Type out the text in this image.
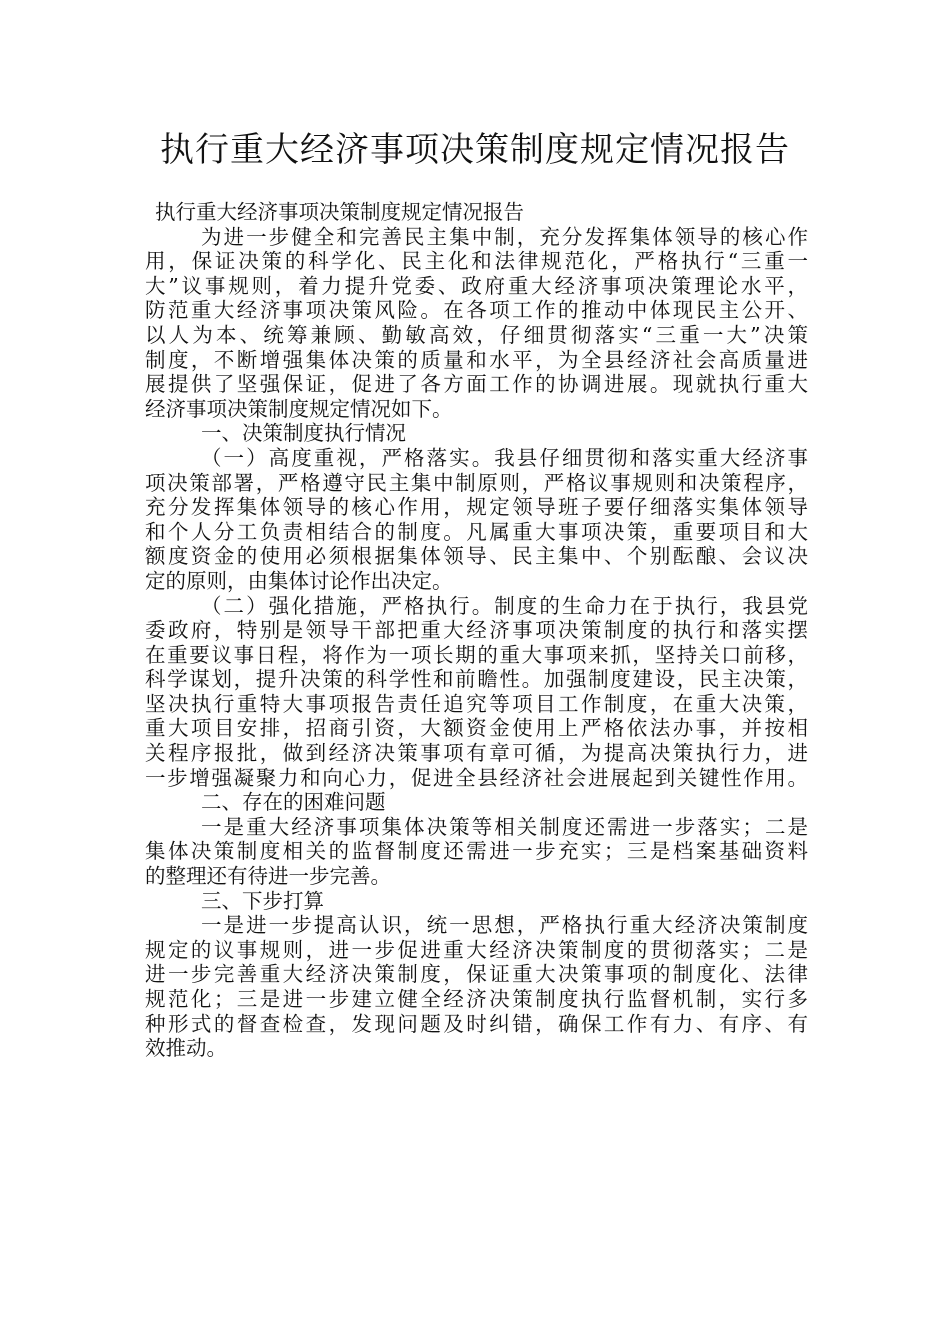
执行重大经济事项决策制度规定情况报告
执行重大经济事项决策制度规定情况报告
为进一步健全和完善民主集中制，充分发挥集体领导的核心作
用，保证决策的科学化、民主化和法律规范化，严格执行“三重一
大”议事规则，着力提升党委、政府重大经济事项决策理论水平，
防范重大经济事项决策风险。在各项工作的推动中体现民主公开、
以人为本、统筹兼顾、勤敏高效，仔细贯彻落实“三重一大”决策
制度，不断增强集体决策的质量和水平，为全县经济社会高质量进
展提供了坚强保证，促进了各方面工作的协调进展。现就执行重大
经济事项决策制度规定情况如下。
一、决策制度执行情况
（一）高度重视，严格落实。我县仔细贯彻和落实重大经济事
项决策部署，严格遵守民主集中制原则，严格议事规则和决策程序，
充分发挥集体领导的核心作用，规定领导班子要仔细落实集体领导
和个人分工负责相结合的制度。凡属重大事项决策，重要项目和大
额度资金的使用必须根据集体领导、民主集中、个别酝酿、会议决
定的原则，由集体讨论作出决定。
（二）强化措施，严格执行。制度的生命力在于执行，我县党
委政府，特别是领导干部把重大经济事项决策制度的执行和落实摆
在重要议事日程，将作为一项长期的重大事项来抓，坚持关口前移，
科学谋划，提升决策的科学性和前瞻性。加强制度建设，民主决策，
坚决执行重特大事项报告责任追究等项目工作制度，在重大决策，
重大项目安排，招商引资，大额资金使用上严格依法办事，并按相
关程序报批，做到经济决策事项有章可循，为提高决策执行力，进
一步增强凝聚力和向心力，促进全县经济社会进展起到关键性作用。
二、存在的困难问题
一是重大经济事项集体决策等相关制度还需进一步落实；二是
集体决策制度相关的监督制度还需进一步充实；三是档案基础资料
的整理还有待进一步完善。
三、下步打算
一是进一步提高认识，统一思想，严格执行重大经济决策制度
规定的议事规则，进一步促进重大经济决策制度的贯彻落实；二是
进一步完善重大经济决策制度，保证重大决策事项的制度化、法律
规范化；三是进一步建立健全经济决策制度执行监督机制，实行多
种形式的督查检查，发现问题及时纠错，确保工作有力、有序、有
效推动。
